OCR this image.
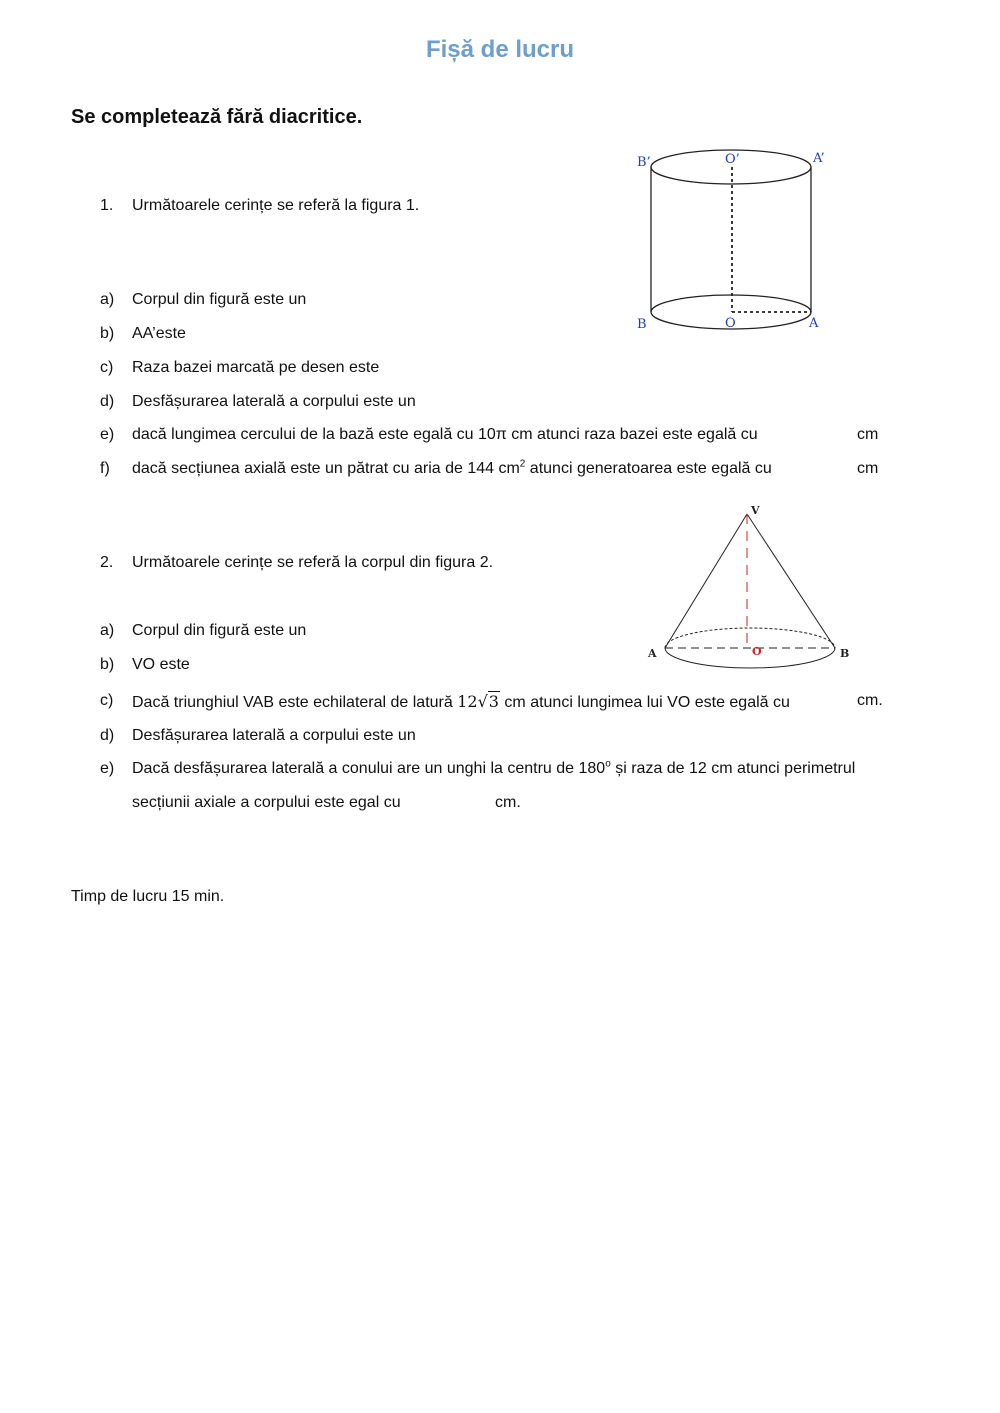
Fișă de lucru
Se completează fără diacritice.
B’	O’	A’
B	O	A
1. Următoarele cerințe se referă la figura 1.
a) Corpul din figură este un
b) AA’este
c) Raza bazei marcată pe desen este
d) Desfășurarea laterală a corpului este un
e) dacă lungimea cercului de la bază este egală cu 10π cm atunci raza bazei este egală cu	cm
f) dacă secțiunea axială este un pătrat cu aria de 144 $cm^2$ atunci generatoarea este egală cu	cm
V
A	O	B
2. Următoarele cerințe se referă la corpul din figura 2.
a) Corpul din figură este un
b) VO este
c) Dacă triunghiul VAB este echilateral de latură 12√3 cm atunci lungimea lui VO este egală cu	cm.
d) Desfășurarea laterală a corpului este un
e) Dacă desfășurarea laterală a conului are un unghi la centru de 180$^o$ și raza de 12 cm atunci perimetrul
secțiunii axiale a corpului este egal cu	cm.
Timp de lucru 15 min.
